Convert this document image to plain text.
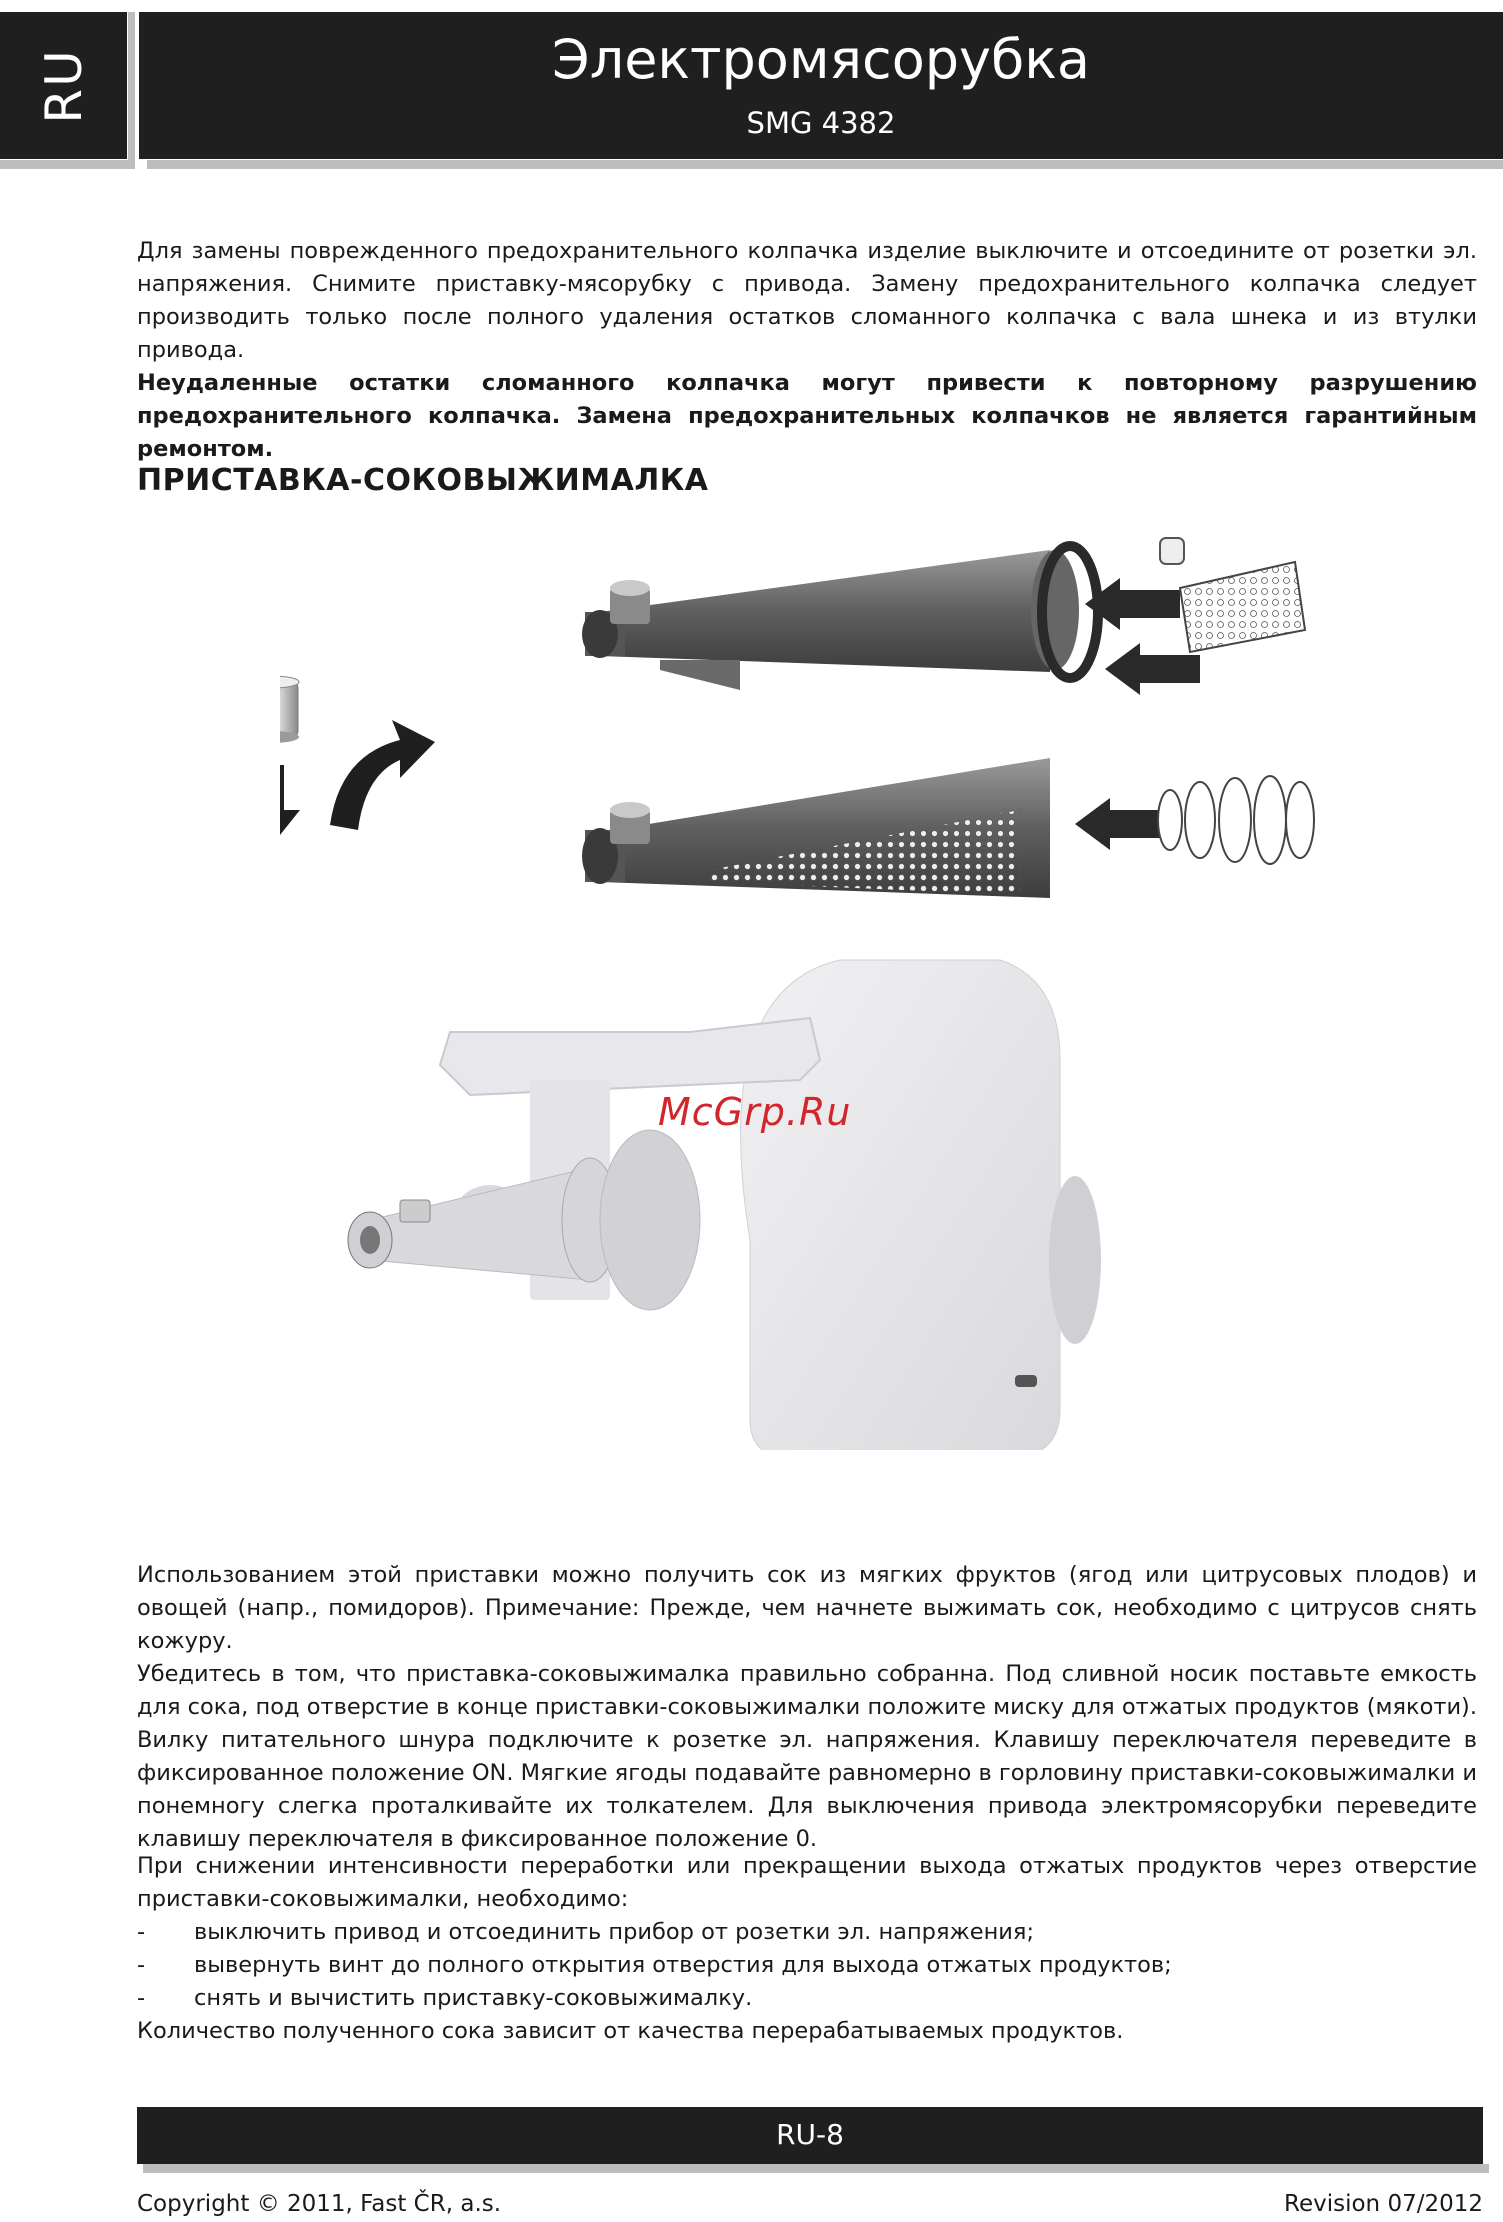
RU	Электромясорубка
SMG 4382

Для замены поврежденного предохранительного колпачка изделие выключите и отсоедините от розетки эл. напряжения. Снимите приставку-мясорубку с привода. Замену предохранительного колпачка следует производить только после полного удаления остатков сломанного колпачка с вала шнека и из втулки привода.

Неудаленные остатки сломанного колпачка могут привести к повторному разрушению предохранительного колпачка. Замена предохранительных колпачков не является гарантийным ремонтом.

ПРИСТАВКА-СОКОВЫЖИМАЛКА
McGrp.Ru

Использованием этой приставки можно получить сок из мягких фруктов (ягод или цитрусовых плодов) и овощей (напр., помидоров). Примечание: Прежде, чем начнете выжимать сок, необходимо с цитрусов снять кожуру.

Убедитесь в том, что приставка-соковыжималка правильно собранна. Под сливной носик поставьте емкость для сока, под отверстие в конце приставки-соковыжималки положите миску для отжатых продуктов (мякоти). Вилку питательного шнура подключите к розетке эл. напряжения. Клавишу переключателя переведите в фиксированное положение ON. Мягкие ягоды подавайте равномерно в горловину приставки-соковыжималки и понемногу слегка проталкивайте их толкателем. Для выключения привода электромясорубки переведите клавишу переключателя в фиксированное положение 0.

При снижении интенсивности переработки или прекращении выхода отжатых продуктов через отверстие приставки-соковыжималки, необходимо:

-	выключить привод и отсоединить прибор от розетки эл. напряжения;
-	вывернуть винт до полного открытия отверстия для выхода отжатых продуктов;
-	снять и вычистить приставку-соковыжималку.
Количество полученного сока зависит от качества перерабатываемых продуктов.
RU-8
Copyright © 2011, Fast ČR, a.s.	Revision 07/2012
